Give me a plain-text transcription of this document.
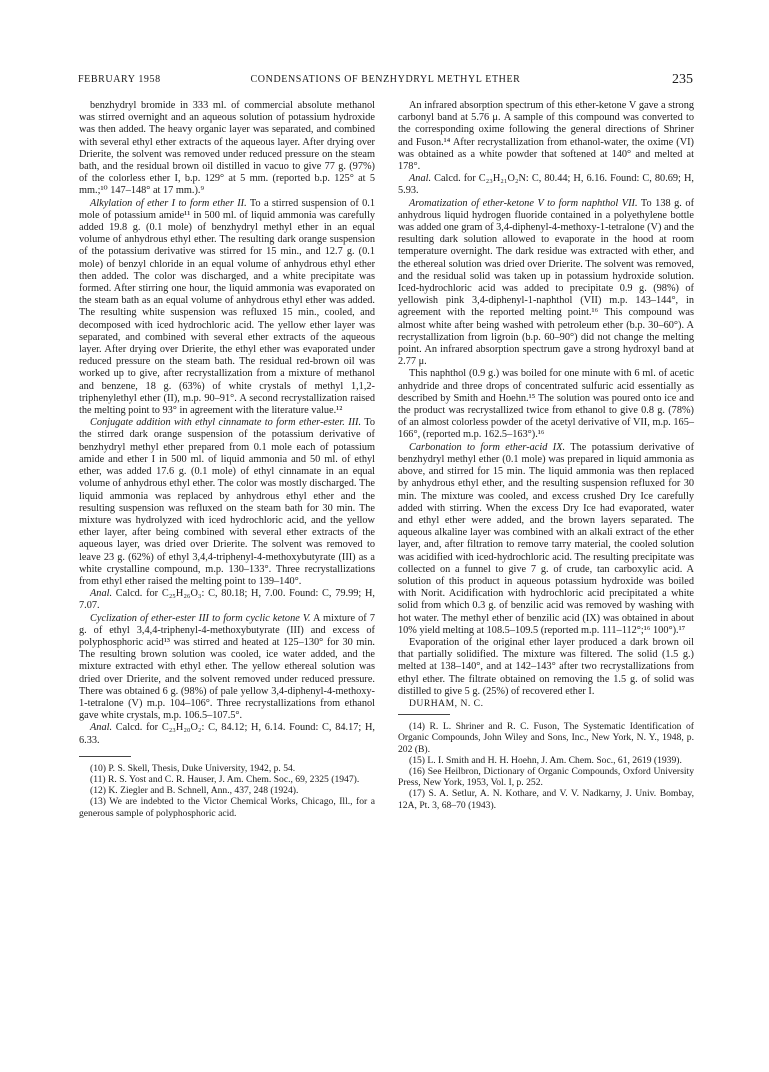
FEBRUARY 1958	CONDENSATIONS OF BENZHYDRYL METHYL ETHER	235

benzhydryl bromide in 333 ml. of commercial absolute methanol was stirred overnight and an aqueous solution of potassium hydroxide was then added. The heavy organic layer was separated, and combined with several ethyl ether extracts of the aqueous layer. After drying over Drierite, the solvent was removed under reduced pressure on the steam bath, and the residual brown oil distilled in vacuo to give 77 g. (97%) of the colorless ether I, b.p. 129° at 5 mm. (reported b.p. 125° at 5 mm.;¹⁰ 147–148° at 17 mm.).⁹

Alkylation of ether I to form ether II. To a stirred suspension of 0.1 mole of potassium amide¹¹ in 500 ml. of liquid ammonia was carefully added 19.8 g. (0.1 mole) of benzhydryl methyl ether in an equal volume of anhydrous ethyl ether. The resulting dark orange suspension of the potassium derivative was stirred for 15 min., and 12.7 g. (0.1 mole) of benzyl chloride in an equal volume of anhydrous ethyl ether then added. The color was discharged, and a white precipitate was formed. After stirring one hour, the liquid ammonia was evaporated on the steam bath as an equal volume of anhydrous ethyl ether was added. The resulting white suspension was refluxed 15 min., cooled, and decomposed with iced hydrochloric acid. The yellow ether layer was separated, and combined with several ether extracts of the aqueous layer. After drying over Drierite, the ethyl ether was evaporated under reduced pressure on the steam bath. The residual red-brown oil was worked up to give, after recrystallization from a mixture of methanol and benzene, 18 g. (63%) of white crystals of methyl 1,1,2-triphenylethyl ether (II), m.p. 90–91°. A second recrystallization raised the melting point to 93° in agreement with the literature value.¹²

Conjugate addition with ethyl cinnamate to form ether-ester. III. To the stirred dark orange suspension of the potassium derivative of benzhydryl methyl ether prepared from 0.1 mole each of potassium amide and ether I in 500 ml. of liquid ammonia and 50 ml. of ethyl ether, was added 17.6 g. (0.1 mole) of ethyl cinnamate in an equal volume of anhydrous ethyl ether. The color was mostly discharged. The liquid ammonia was replaced by anhydrous ethyl ether and the resulting suspension was refluxed on the steam bath for 30 min. The mixture was hydrolyzed with iced hydrochloric acid, and the yellow ether layer, after being combined with several ether extracts of the aqueous layer, was dried over Drierite. The solvent was removed to leave 23 g. (62%) of ethyl 3,4,4-triphenyl-4-methoxybutyrate (III) as a white crystalline compound, m.p. 130–133°. Three recrystallizations from ethyl ether raised the melting point to 139–140°.

Anal. Calcd. for C₂₅H₂₆O₃: C, 80.18; H, 7.00. Found: C, 79.99; H, 7.07.

Cyclization of ether-ester III to form cyclic ketone V. A mixture of 7 g. of ethyl 3,4,4-triphenyl-4-methoxybutyrate (III) and excess of polyphosphoric acid¹³ was stirred and heated at 125–130° for 30 min. The resulting brown solution was cooled, ice water added, and the mixture extracted with ethyl ether. The yellow ethereal solution was dried over Drierite, and the solvent removed under reduced pressure. There was obtained 6 g. (98%) of pale yellow 3,4-diphenyl-4-methoxy-1-tetralone (V) m.p. 104–106°. Three recrystallizations from ethanol gave white crystals, m.p. 106.5–107.5°.

Anal. Calcd. for C₂₃H₂₀O₂: C, 84.12; H, 6.14. Found: C, 84.17; H, 6.33.

(10) P. S. Skell, Thesis, Duke University, 1942, p. 54.

(11) R. S. Yost and C. R. Hauser, J. Am. Chem. Soc., 69, 2325 (1947).

(12) K. Ziegler and B. Schnell, Ann., 437, 248 (1924).

(13) We are indebted to the Victor Chemical Works, Chicago, Ill., for a generous sample of polyphosphoric acid.

An infrared absorption spectrum of this ether-ketone V gave a strong carbonyl band at 5.76 μ. A sample of this compound was converted to the corresponding oxime following the general directions of Shriner and Fuson.¹⁴ After recrystallization from ethanol-water, the oxime (VI) was obtained as a white powder that softened at 140° and melted at 178°.

Anal. Calcd. for C₂₃H₂₁O₂N: C, 80.44; H, 6.16. Found: C, 80.69; H, 5.93.

Aromatization of ether-ketone V to form naphthol VII. To 138 g. of anhydrous liquid hydrogen fluoride contained in a polyethylene bottle was added one gram of 3,4-diphenyl-4-methoxy-1-tetralone (V) and the resulting dark solution allowed to evaporate in the hood at room temperature overnight. The dark residue was extracted with ether, and the ethereal solution was dried over Drierite. The solvent was removed, and the residual solid was taken up in potassium hydroxide solution. Iced-hydrochloric acid was added to precipitate 0.9 g. (98%) of yellowish pink 3,4-diphenyl-1-naphthol (VII) m.p. 143–144°, in agreement with the reported melting point.¹⁶ This compound was almost white after being washed with petroleum ether (b.p. 30–60°). A recrystallization from ligroin (b.p. 60–90°) did not change the melting point. An infrared absorption spectrum gave a strong hydroxyl band at 2.77 μ.

This naphthol (0.9 g.) was boiled for one minute with 6 ml. of acetic anhydride and three drops of concentrated sulfuric acid essentially as described by Smith and Hoehn.¹⁵ The solution was poured onto ice and the product was recrystallized twice from ethanol to give 0.8 g. (78%) of an almost colorless powder of the acetyl derivative of VII, m.p. 165–166°, (reported m.p. 162.5–163°).¹⁶

Carbonation to form ether-acid IX. The potassium derivative of benzhydryl methyl ether (0.1 mole) was prepared in liquid ammonia as above, and stirred for 15 min. The liquid ammonia was then replaced by anhydrous ethyl ether, and the resulting suspension refluxed for 30 min. The mixture was cooled, and excess crushed Dry Ice carefully added with stirring. When the excess Dry Ice had evaporated, water and ethyl ether were added, and the brown layers separated. The aqueous alkaline layer was combined with an alkali extract of the ether layer, and, after filtration to remove tarry material, the cooled solution was acidified with iced-hydrochloric acid. The resulting precipitate was collected on a funnel to give 7 g. of crude, tan carboxylic acid. A solution of this product in aqueous potassium hydroxide was boiled with Norit. Acidification with hydrochloric acid precipitated a white solid from which 0.3 g. of benzilic acid was removed by washing with hot water. The methyl ether of benzilic acid (IX) was obtained in about 10% yield melting at 108.5–109.5 (reported m.p. 111–112°;¹⁶ 100°).¹⁷

Evaporation of the original ether layer produced a dark brown oil that partially solidified. The mixture was filtered. The solid (1.5 g.) melted at 138–140°, and at 142–143° after two recrystallizations from ethyl ether. The filtrate obtained on removing the 1.5 g. of solid was distilled to give 5 g. (25%) of recovered ether I.

DURHAM, N. C.

(14) R. L. Shriner and R. C. Fuson, The Systematic Identification of Organic Compounds, John Wiley and Sons, Inc., New York, N. Y., 1948, p. 202 (B).

(15) L. I. Smith and H. H. Hoehn, J. Am. Chem. Soc., 61, 2619 (1939).

(16) See Heilbron, Dictionary of Organic Compounds, Oxford University Press, New York, 1953, Vol. I, p. 252.

(17) S. A. Setlur, A. N. Kothare, and V. V. Nadkarny, J. Univ. Bombay, 12A, Pt. 3, 68–70 (1943).
